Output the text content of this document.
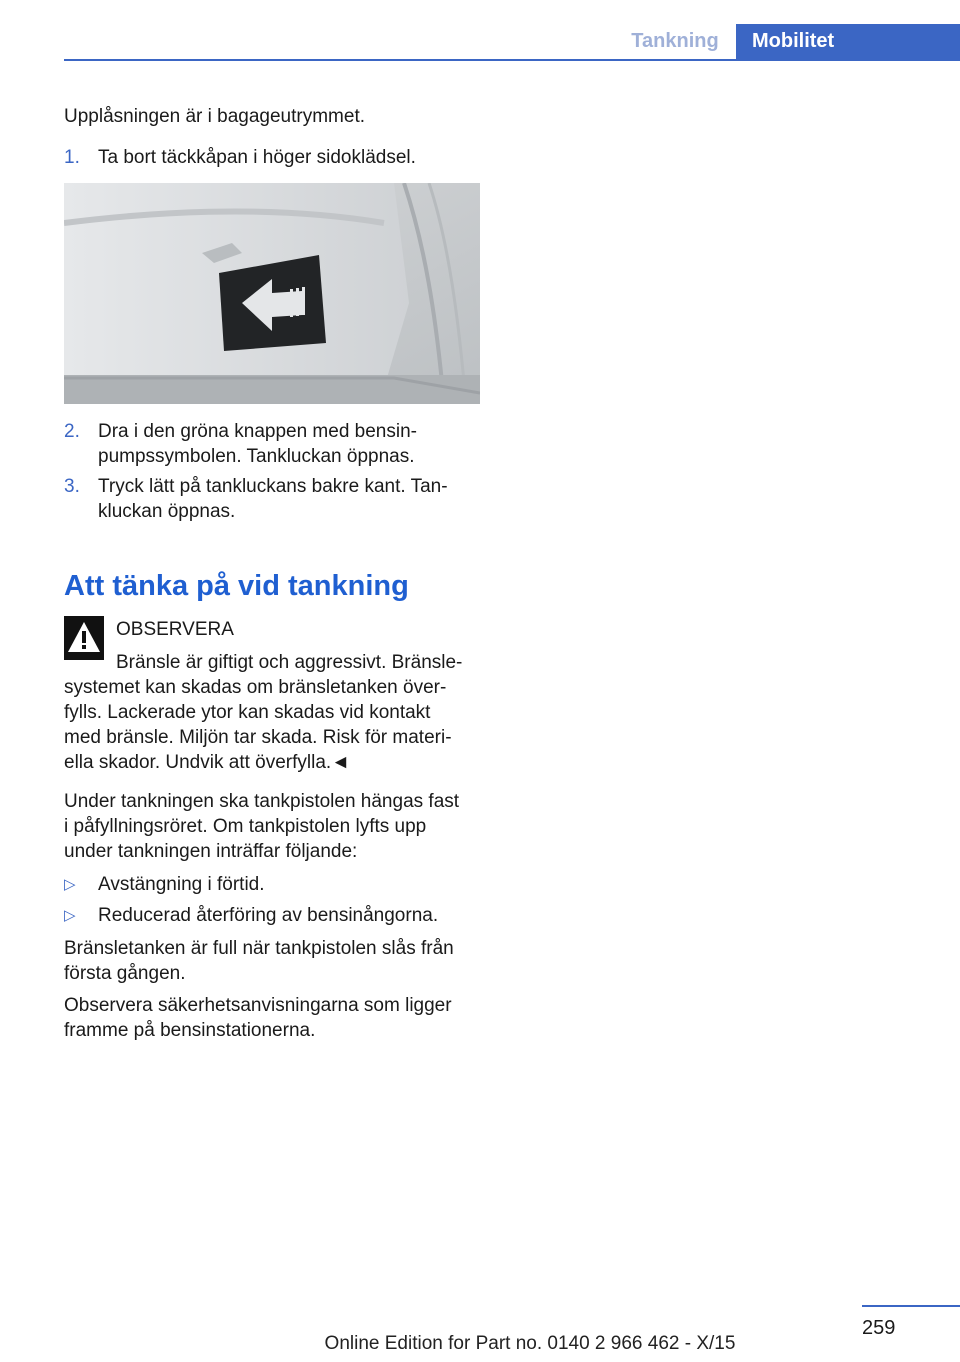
Tankning	Mobilitet
Upplåsningen är i bagageutrymmet.
1. Ta bort täckkåpan i höger sidoklädsel.
2. Dra i den gröna knappen med bensin-
pumpssymbolen. Tankluckan öppnas.
3. Tryck lätt på tankluckans bakre kant. Tan-
kluckan öppnas.
Att tänka på vid tankning
OBSERVERA
Bränsle är giftigt och aggressivt. Bränsle-
systemet kan skadas om bränsletanken över-
fylls. Lackerade ytor kan skadas vid kontakt
med bränsle. Miljön tar skada. Risk för materi-
ella skador. Undvik att överfylla.◄
Under tankningen ska tankpistolen hängas fast
i påfyllningsröret. Om tankpistolen lyfts upp
under tankningen inträffar följande:
▷ Avstängning i förtid.
▷ Reducerad återföring av bensinångorna.
Bränsletanken är full när tankpistolen slås från
första gången.
Observera säkerhetsanvisningarna som ligger
framme på bensinstationerna.
259
Online Edition for Part no. 0140 2 966 462 - X/15
